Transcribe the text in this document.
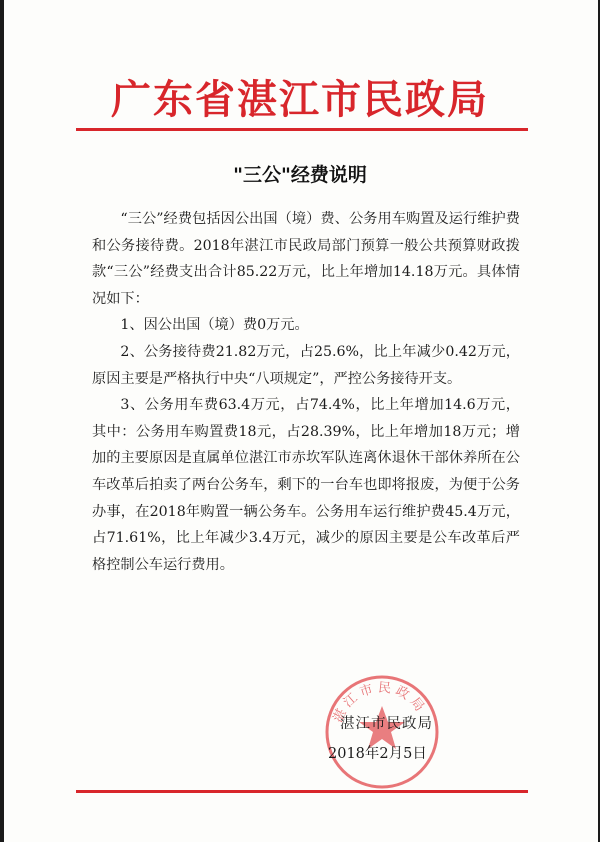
广东省湛江市民政局
"三公"经费说明

“三公”经费包括因公出国（境）费、公务用车购置及运行维护费和公务接待费。2018年湛江市民政局部门预算一般公共预算财政拨款“三公”经费支出合计85.22万元，比上年增加14.18万元。具体情况如下：

1、因公出国（境）费0万元。

2、公务接待费21.82万元，占25.6%，比上年减少0.42万元，原因主要是严格执行中央“八项规定”，严控公务接待开支。

3、公务用车费63.4万元，占74.4%，比上年增加14.6万元，其中：公务用车购置费18元，占28.39%，比上年增加18万元；增加的主要原因是直属单位湛江市赤坎军队连离休退休干部休养所在公车改革后拍卖了两台公务车，剩下的一台车也即将报废，为便于公务办事，在2018年购置一辆公务车。公务用车运行维护费45.4万元，占71.61%，比上年减少3.4万元，减少的原因主要是公车改革后严格控制公车运行费用。

湛江市民政局
湛江市民政局
2018年2月5日
